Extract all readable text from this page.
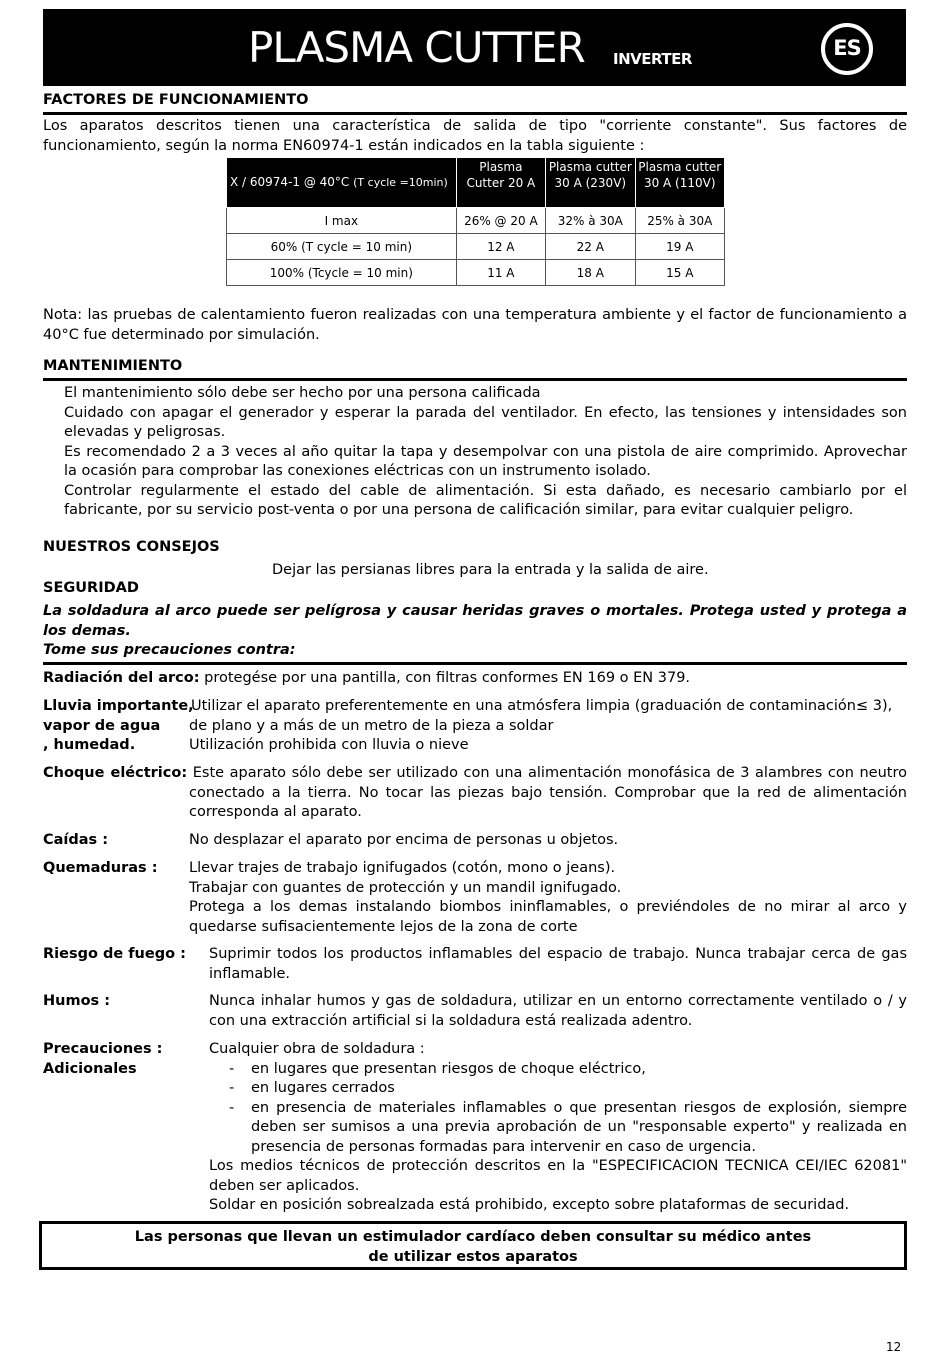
PLASMA CUTTER INVERTER	ES
FACTORES DE FUNCIONAMIENTO
Los aparatos descritos tienen una característica de salida de tipo "corriente constante". Sus factores de funcionamiento, según la norma EN60974-1 están indicados en la tabla siguiente :
X / 60974-1 @ 40°C (T cycle =10min)	Plasma Cutter 20 A	Plasma cutter 30 A (230V)	Plasma cutter 30 A (110V)
I max	26% @ 20 A	32% à 30A	25% à 30A
60% (T cycle = 10 min)	12 A	22 A	19 A
100% (Tcycle = 10 min)	11 A	18 A	15 A
Nota: las pruebas de calentamiento fueron realizadas con una temperatura ambiente y el factor de funcionamiento a 40°C fue determinado por simulación.
MANTENIMIENTO
El mantenimiento sólo debe ser hecho por una persona calificada
Cuidado con apagar el generador y esperar la parada del ventilador. En efecto, las tensiones y intensidades son elevadas y peligrosas.
Es recomendado 2 a 3 veces al año quitar la tapa y desempolvar con una pistola de aire comprimido. Aprovechar la ocasión para comprobar las conexiones eléctricas con un instrumento isolado.
Controlar regularmente el estado del cable de alimentación. Si esta dañado, es necesario cambiarlo por el fabricante, por su servicio post-venta o por una persona de calificación similar, para evitar cualquier peligro.
NUESTROS CONSEJOS
Dejar las persianas libres para la entrada y la salida de aire.
SEGURIDAD
La soldadura al arco puede ser pelígrosa y causar heridas graves o mortales. Protega usted y protega a los demas.
Tome sus precauciones contra:
Radiación del arco: protegése por una pantilla, con filtras conformes EN 169 o EN 379.
Lluvia importante,
vapor de agua
, humedad.
Utilizar el aparato preferentemente en una atmósfera limpia (graduación de contaminación≤ 3),
de plano y a más de un metro de la pieza a soldar
Utilización prohibida con lluvia o nieve
Choque eléctrico: Este aparato sólo debe ser utilizado con una alimentación monofásica de 3 alambres con neutro
conectado a la tierra. No tocar las piezas bajo tensión. Comprobar que la red de alimentación corresponda al aparato.
Caídas :	No desplazar el aparato por encima de personas u objetos.
Quemaduras : Llevar trajes de trabajo ignifugados (cotón, mono o jeans).
Trabajar con guantes de protección y un mandil ignifugado.
Protega a los demas instalando biombos ininflamables, o previéndoles de no mirar al arco y quedarse sufisacientemente lejos de la zona de corte
Riesgo de fuego : Suprimir todos los productos inflamables del espacio de trabajo. Nunca trabajar cerca de gas inflamable.
Humos :	Nunca inhalar humos y gas de soldadura, utilizar en un entorno correctamente ventilado o / y con una extracción artificial si la soldadura está realizada adentro.
Precauciones :
Adicionales
Cualquier obra de soldadura :
- en lugares que presentan riesgos de choque eléctrico,
- en lugares cerrados
- en presencia de materiales inflamables o que presentan riesgos de explosión, siempre deben ser sumisos a una previa aprobación de un "responsable experto" y realizada en presencia de personas formadas para intervenir en caso de urgencia.
Los medios técnicos de protección descritos en la "ESPECIFICACION TECNICA CEI/IEC 62081" deben ser aplicados.
Soldar en posición sobrealzada está prohibido, excepto sobre plataformas de securidad.
Las personas que llevan un estimulador cardíaco deben consultar su médico antes
de utilizar estos aparatos
12
